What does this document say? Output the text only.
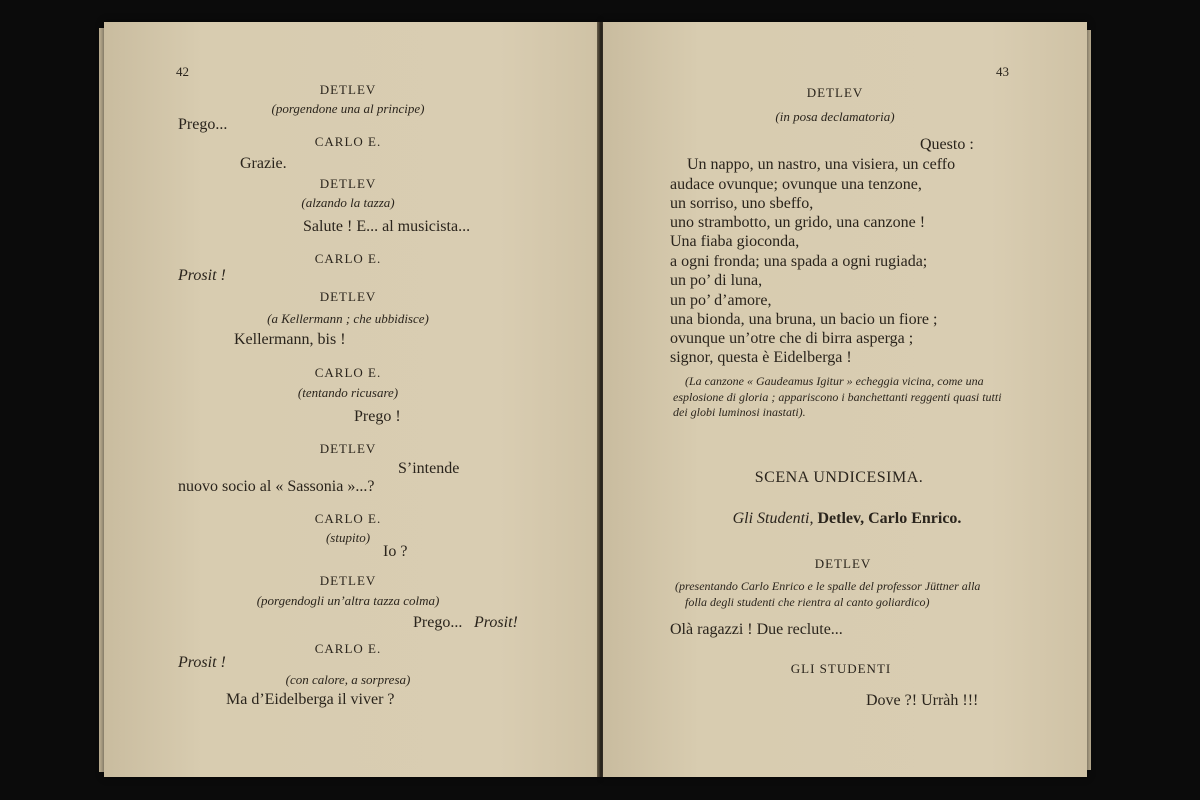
42
DETLEV
(porgendone una al principe)
Prego...
CARLO E.
Grazie.
DETLEV
(alzando la tazza)
Salute ! E... al musicista...
CARLO E.
Prosit !
DETLEV
(a Kellermann ; che ubbidisce)
Kellermann, bis !
CARLO E.
(tentando ricusare)
Prego !
DETLEV
S’intende
nuovo socio al « Sassonia »...?
CARLO E.
(stupito)
Io ?
DETLEV
(porgendogli un’altra tazza colma)
Prego... Prosit!
CARLO E.
Prosit !
(con calore, a sorpresa)
Ma d’Eidelberga il viver ?
43
DETLEV
(in posa declamatoria)
Questo :
Un nappo, un nastro, una visiera, un ceffo
audace ovunque; ovunque una tenzone,
un sorriso, uno sbeffo,
uno strambotto, un grido, una canzone !
Una fiaba gioconda,
a ogni fronda; una spada a ogni rugiada;
un po’ di luna,
un po’ d’amore,
una bionda, una bruna, un bacio un fiore ;
ovunque un’otre che di birra asperga ;
signor, questa è Eidelberga !
(La canzone « Gaudeamus Igitur » echeggia vicina, come una
esplosione di gloria ; appariscono i banchettanti reggenti quasi tutti
dei globi luminosi inastati).
SCENA UNDICESIMA.
Gli Studenti, Detlev, Carlo Enrico.
DETLEV
(presentando Carlo Enrico e le spalle del professor Jüttner alla
folla degli studenti che rientra al canto goliardico)
Olà ragazzi ! Due reclute...
GLI STUDENTI
Dove ?! Urràh !!!
